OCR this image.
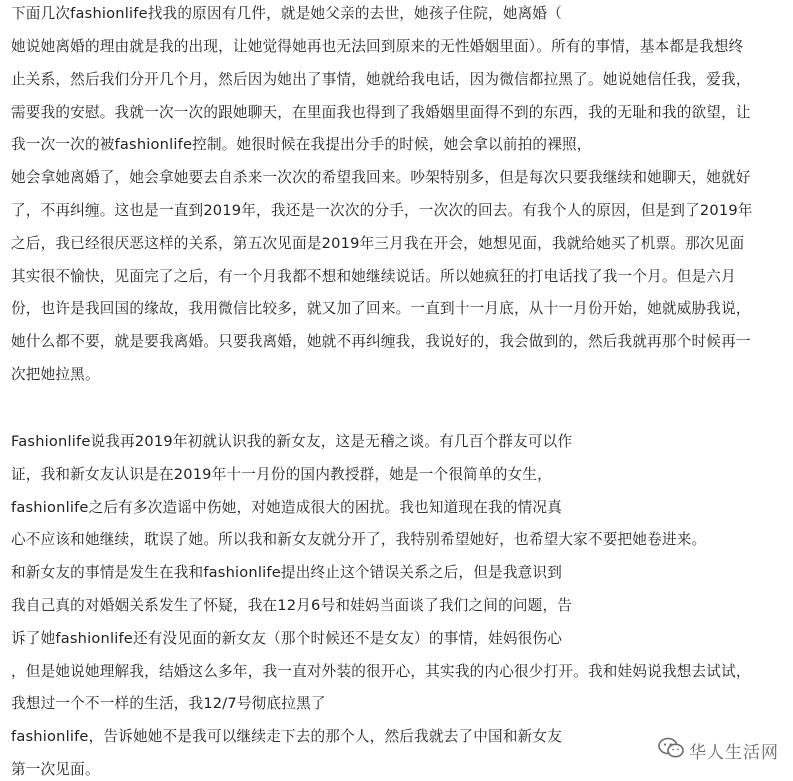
下面几次fashionlife找我的原因有几件，就是她父亲的去世，她孩子住院，她离婚（
她说她离婚的理由就是我的出现，让她觉得她再也无法回到原来的无性婚姻里面）。所有的事情，基本都是我想终
止关系，然后我们分开几个月，然后因为她出了事情，她就给我电话，因为微信都拉黑了。她说她信任我，爱我，
需要我的安慰。我就一次一次的跟她聊天，在里面我也得到了我婚姻里面得不到的东西，我的无耻和我的欲望，让
我一次一次的被fashionlife控制。她很时候在我提出分手的时候，她会拿以前拍的裸照，
她会拿她离婚了，她会拿她要去自杀来一次次的希望我回来。吵架特别多，但是每次只要我继续和她聊天，她就好
了，不再纠缠。这也是一直到2019年，我还是一次次的分手，一次次的回去。有我个人的原因，但是到了2019年
之后，我已经很厌恶这样的关系，第五次见面是2019年三月我在开会，她想见面，我就给她买了机票。那次见面
其实很不愉快，见面完了之后，有一个月我都不想和她继续说话。所以她疯狂的打电话找了我一个月。但是六月
份，也许是我回国的缘故，我用微信比较多，就又加了回来。一直到十一月底，从十一月份开始，她就威胁我说，
她什么都不要，就是要我离婚。只要我离婚，她就不再纠缠我，我说好的，我会做到的，然后我就再那个时候再一
次把她拉黑。
Fashionlife说我再2019年初就认识我的新女友，这是无稽之谈。有几百个群友可以作
证，我和新女友认识是在2019年十一月份的国内教授群，她是一个很简单的女生，
fashionlife之后有多次造谣中伤她，对她造成很大的困扰。我也知道现在我的情况真
心不应该和她继续，耽误了她。所以我和新女友就分开了，我特别希望她好，也希望大家不要把她卷进来。
和新女友的事情是发生在我和fashionlife提出终止这个错误关系之后，但是我意识到
我自己真的对婚姻关系发生了怀疑，我在12月6号和娃妈当面谈了我们之间的问题，告
诉了她fashionlife还有没见面的新女友（那个时候还不是女友）的事情，娃妈很伤心
，但是她说她理解我，结婚这么多年，我一直对外装的很开心，其实我的内心很少打开。我和娃妈说我想去试试，
我想过一个不一样的生活，我12/7号彻底拉黑了
fashionlife，告诉她她不是我可以继续走下去的那个人，然后我就去了中国和新女友
第一次见面。
华人生活网
